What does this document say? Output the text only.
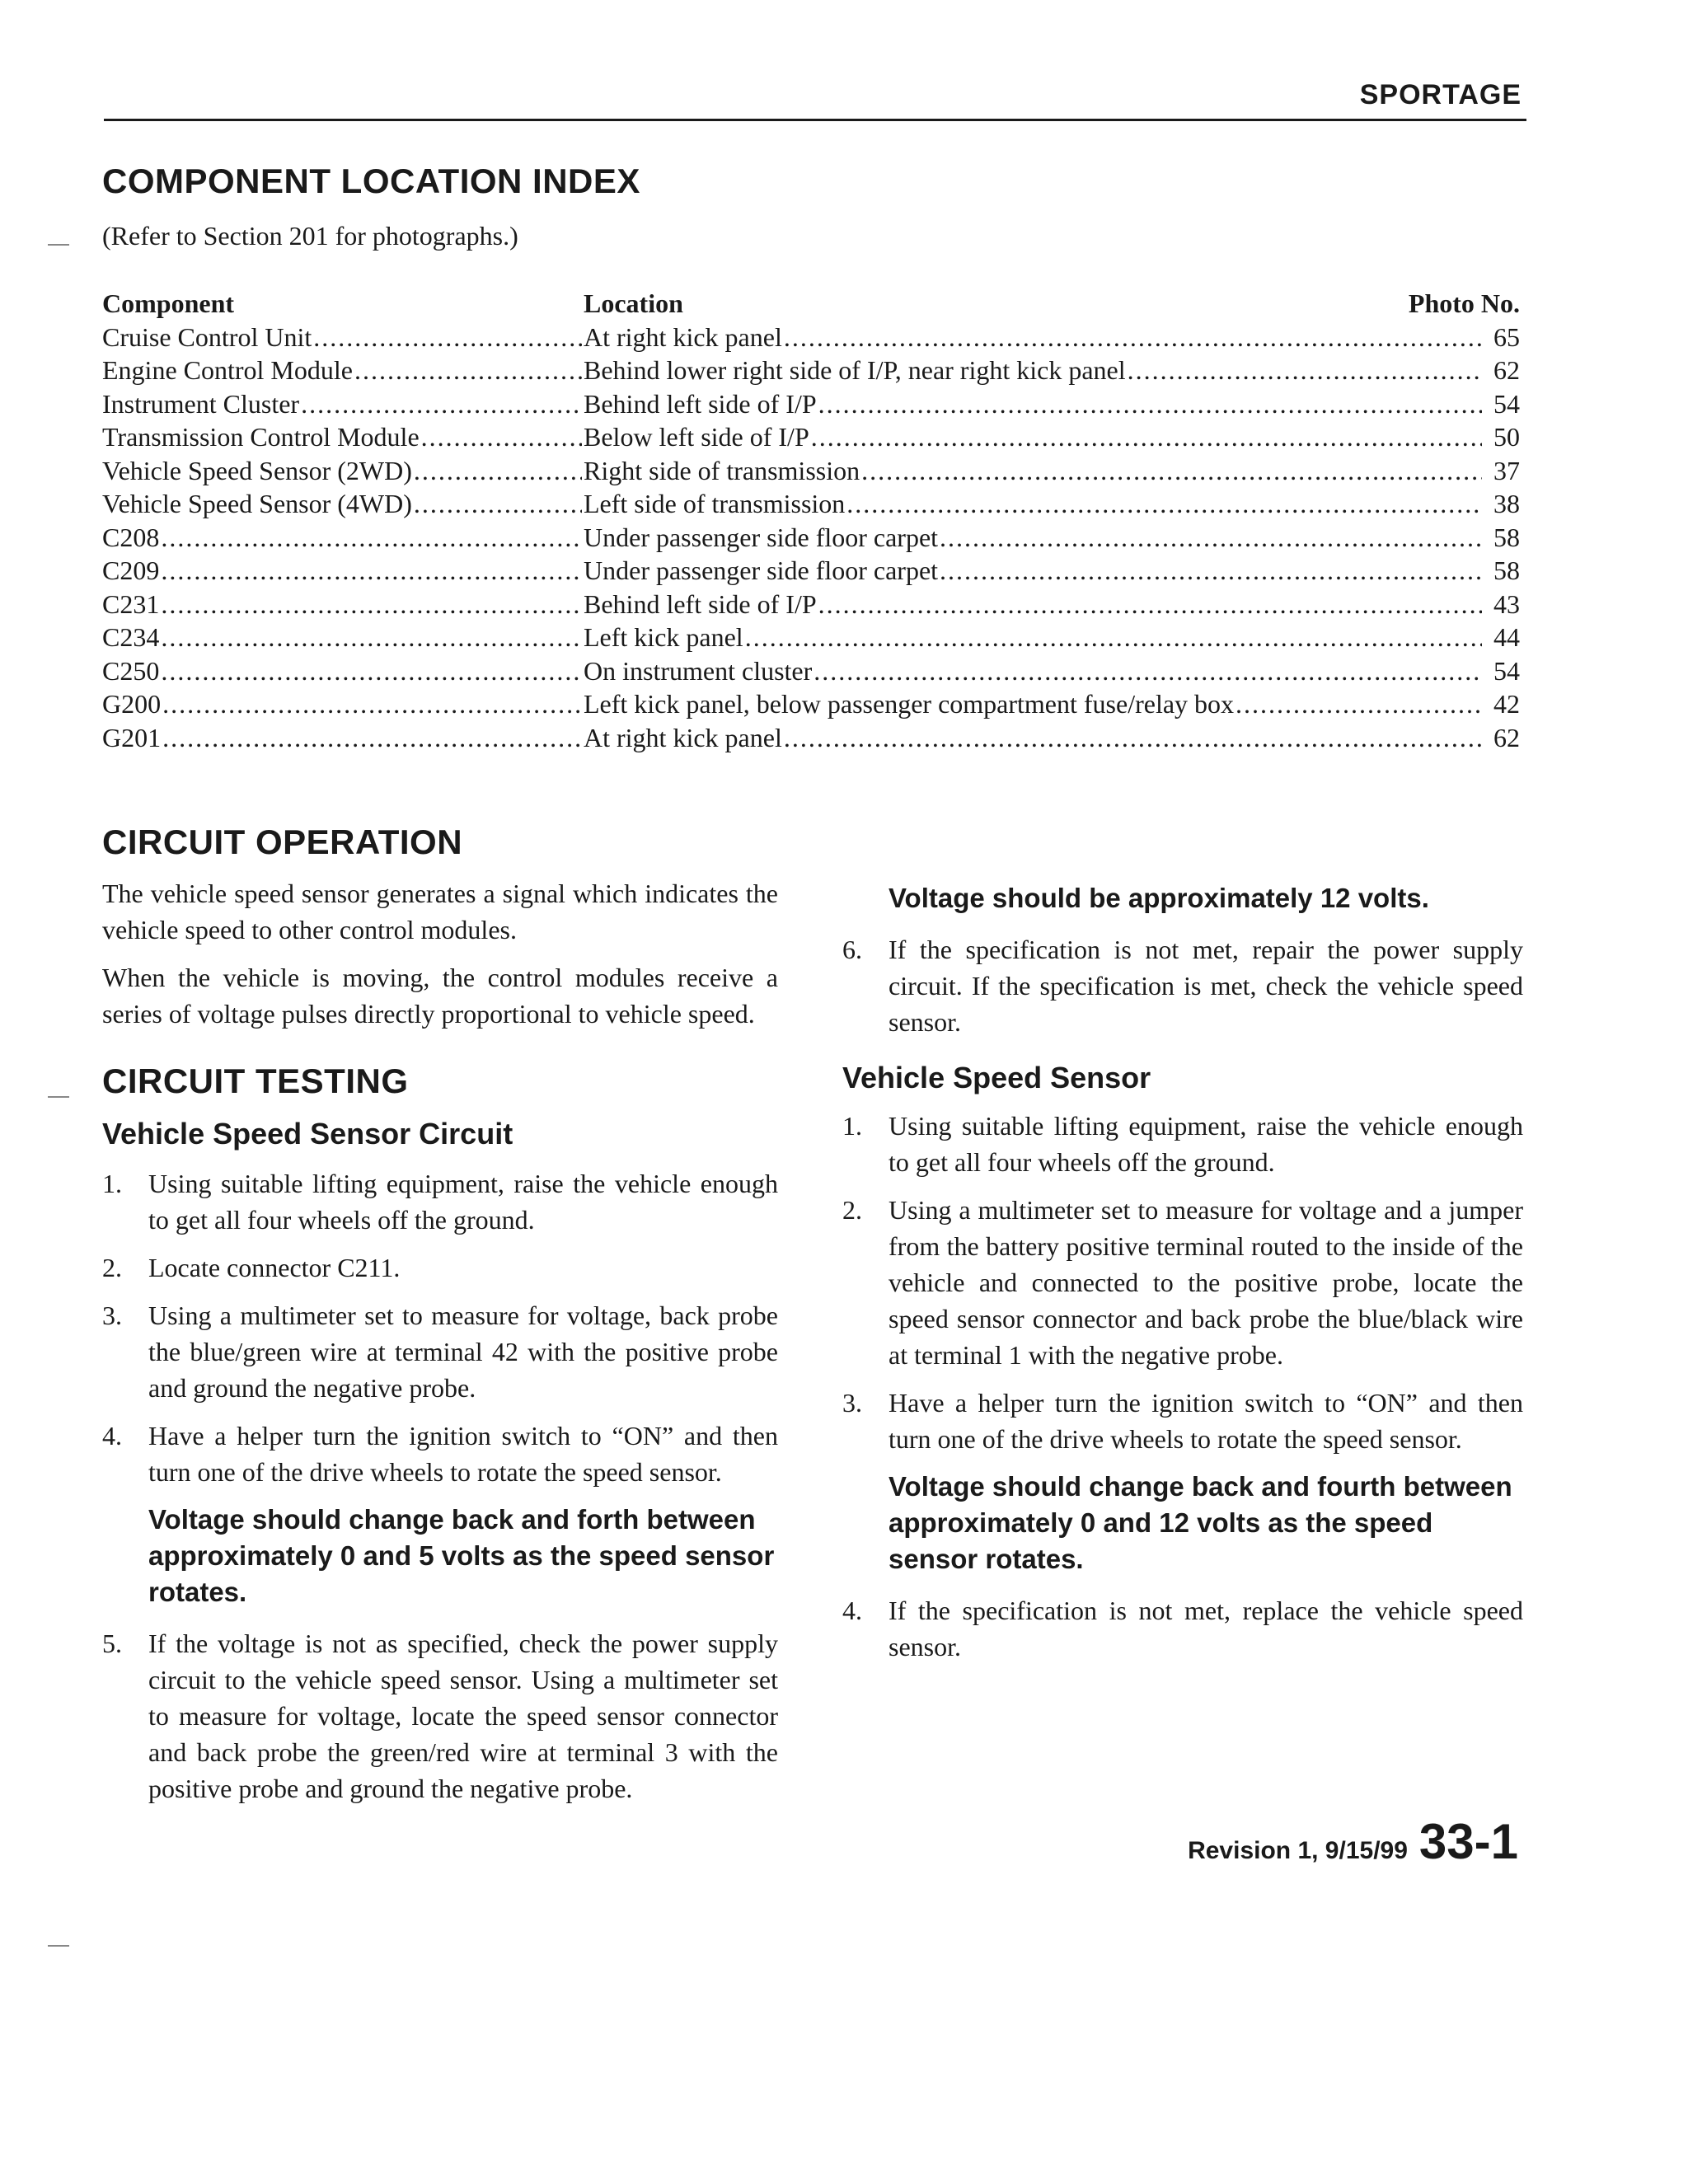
SPORTAGE
COMPONENT LOCATION INDEX
(Refer to Section 201 for photographs.)
Component	Location	Photo No.
Cruise Control Unit .....	At right kick panel .....	65
Engine Control Module .....	Behind lower right side of I/P, near right kick panel .....	62
Instrument Cluster .....	Behind left side of I/P .....	54
Transmission Control Module .....	Below left side of I/P .....	50
Vehicle Speed Sensor (2WD) .....	Right side of transmission .....	37
Vehicle Speed Sensor (4WD) .....	Left side of transmission .....	38
C208 .....	Under passenger side floor carpet .....	58
C209 .....	Under passenger side floor carpet .....	58
C231 .....	Behind left side of I/P .....	43
C234 .....	Left kick panel .....	44
C250 .....	On instrument cluster .....	54
G200 .....	Left kick panel, below passenger compartment fuse/relay box .....	42
G201 .....	At right kick panel .....	62
CIRCUIT OPERATION

The vehicle speed sensor generates a signal which indicates the vehicle speed to other control modules.

When the vehicle is moving, the control modules receive a series of voltage pulses directly proportional to vehicle speed.

CIRCUIT TESTING
Vehicle Speed Sensor Circuit
1.	Using suitable lifting equipment, raise the vehicle enough to get all four wheels off the ground.
2.	Locate connector C211.
3.	Using a multimeter set to measure for voltage, back probe the blue/green wire at terminal 42 with the positive probe and ground the negative probe.
4.	Have a helper turn the ignition switch to “ON” and then turn one of the drive wheels to rotate the speed sensor.
Voltage should change back and forth between approximately 0 and 5 volts as the speed sensor rotates.
5.	If the voltage is not as specified, check the power supply circuit to the vehicle speed sensor. Using a multimeter set to measure for voltage, locate the speed sensor connector and back probe the green/red wire at terminal 3 with the positive probe and ground the negative probe.
Voltage should be approximately 12 volts.
6.	If the specification is not met, repair the power supply circuit. If the specification is met, check the vehicle speed sensor.
Vehicle Speed Sensor
1.	Using suitable lifting equipment, raise the vehicle enough to get all four wheels off the ground.
2.	Using a multimeter set to measure for voltage and a jumper from the battery positive terminal routed to the inside of the vehicle and connected to the positive probe, locate the speed sensor connector and back probe the blue/black wire at terminal 1 with the negative probe.
3.	Have a helper turn the ignition switch to “ON” and then turn one of the drive wheels to rotate the speed sensor.
Voltage should change back and fourth between approximately 0 and 12 volts as the speed sensor rotates.
4.	If the specification is not met, replace the vehicle speed sensor.
Revision 1, 9/15/99 33-1
